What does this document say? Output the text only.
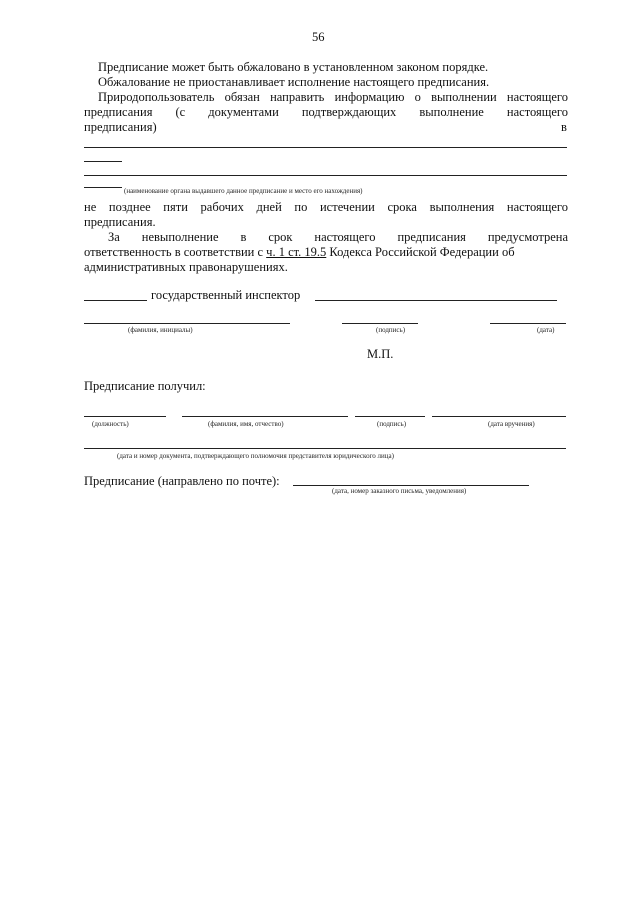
56
Предписание может быть обжаловано в установленном законом порядке.
Обжалование не приостанавливает исполнение настоящего предписания.
Природопользователь обязан направить информацию о выполнении настоящего
предписания (с документами подтверждающих выполнение настоящего
предписания)	в
(наименование органа выдавшего данное предписание и место его нахождения)
не позднее пяти рабочих дней по истечении срока выполнения настоящего
предписания.
За невыполнение в срок настоящего предписания предусмотрена
ответственность в соответствии с ч. 1 ст. 19.5 Кодекса Российской Федерации об
административных правонарушениях.
государственный инспектор
(фамилия, инициалы)	(подпись)	(дата)
М.П.
Предписание получил:
(должность)	(фамилия, имя, отчество)	(подпись)	(дата вручения)
(дата и номер документа, подтверждающего полномочия представителя юридического лица)
Предписание (направлено по почте):
(дата, номер заказного письма, уведомления)
